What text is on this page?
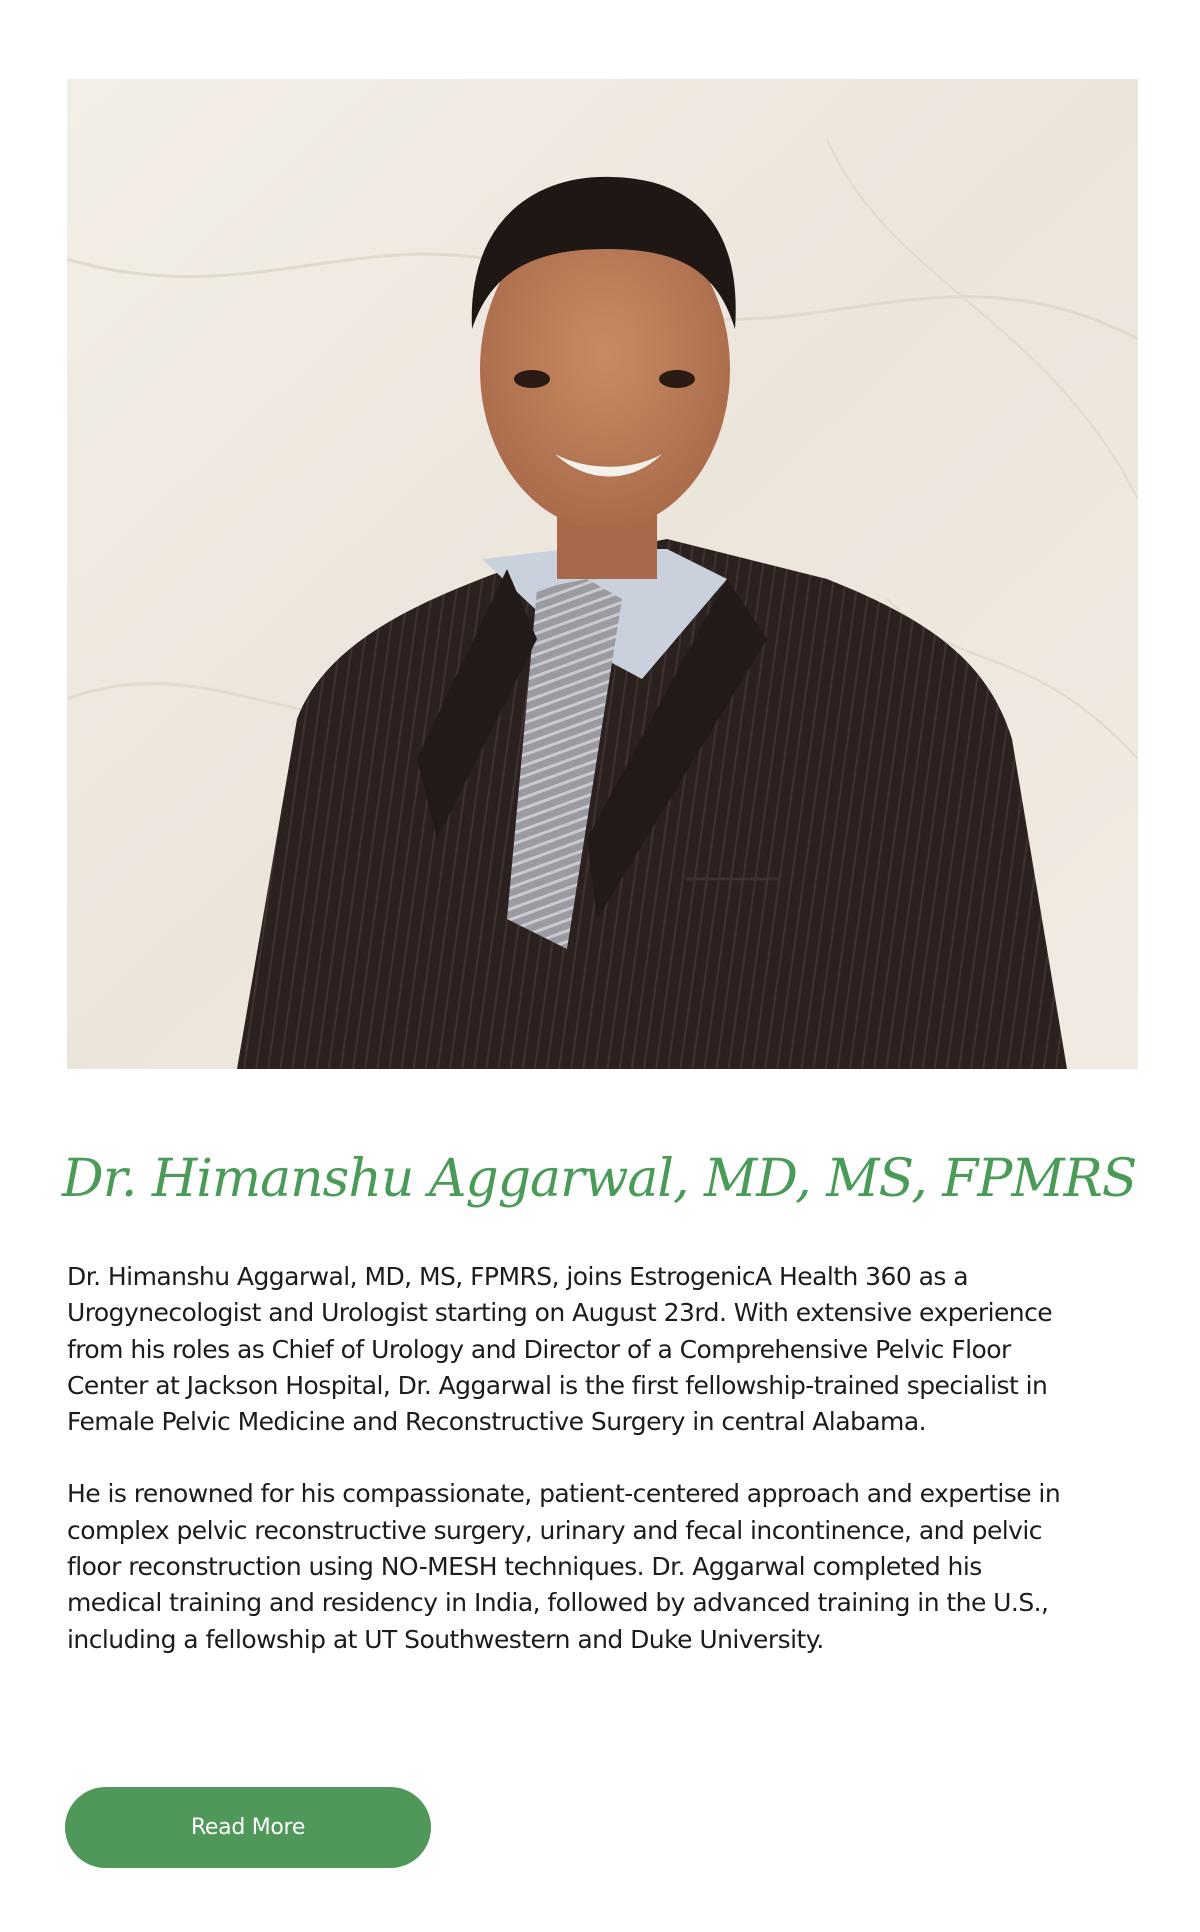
Dr. Himanshu Aggarwal, MD, MS, FPMRS

Dr. Himanshu Aggarwal, MD, MS, FPMRS, joins EstrogenicA Health 360 as a Urogynecologist and Urologist starting on August 23rd. With extensive experience from his roles as Chief of Urology and Director of a Comprehensive Pelvic Floor Center at Jackson Hospital, Dr. Aggarwal is the first fellowship-trained specialist in Female Pelvic Medicine and Reconstructive Surgery in central Alabama.

He is renowned for his compassionate, patient-centered approach and expertise in complex pelvic reconstructive surgery, urinary and fecal incontinence, and pelvic floor reconstruction using NO-MESH techniques. Dr. Aggarwal completed his medical training and residency in India, followed by advanced training in the U.S., including a fellowship at UT Southwestern and Duke University.

Read More
